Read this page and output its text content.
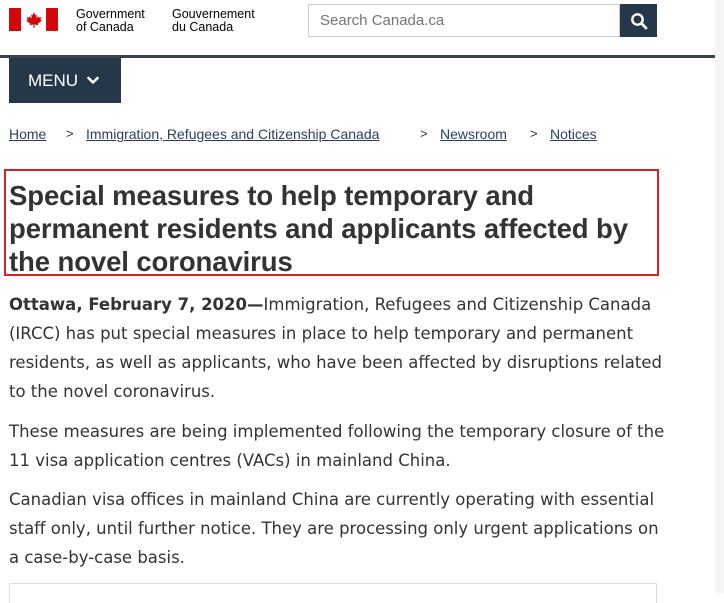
Government
of Canada
Gouvernement
du Canada
Search Canada.ca
MENU
Home > Immigration, Refugees and Citizenship Canada	> Newsroom > Notices
Special measures to help temporary and permanent residents and applicants affected by the novel coronavirus

Ottawa, February 7, 2020—Immigration, Refugees and Citizenship Canada (IRCC) has put special measures in place to help temporary and permanent residents, as well as applicants, who have been affected by disruptions related to the novel coronavirus.

These measures are being implemented following the temporary closure of the 11 visa application centres (VACs) in mainland China.

Canadian visa offices in mainland China are currently operating with essential staff only, until further notice. They are processing only urgent applications on a case-by-case basis.
